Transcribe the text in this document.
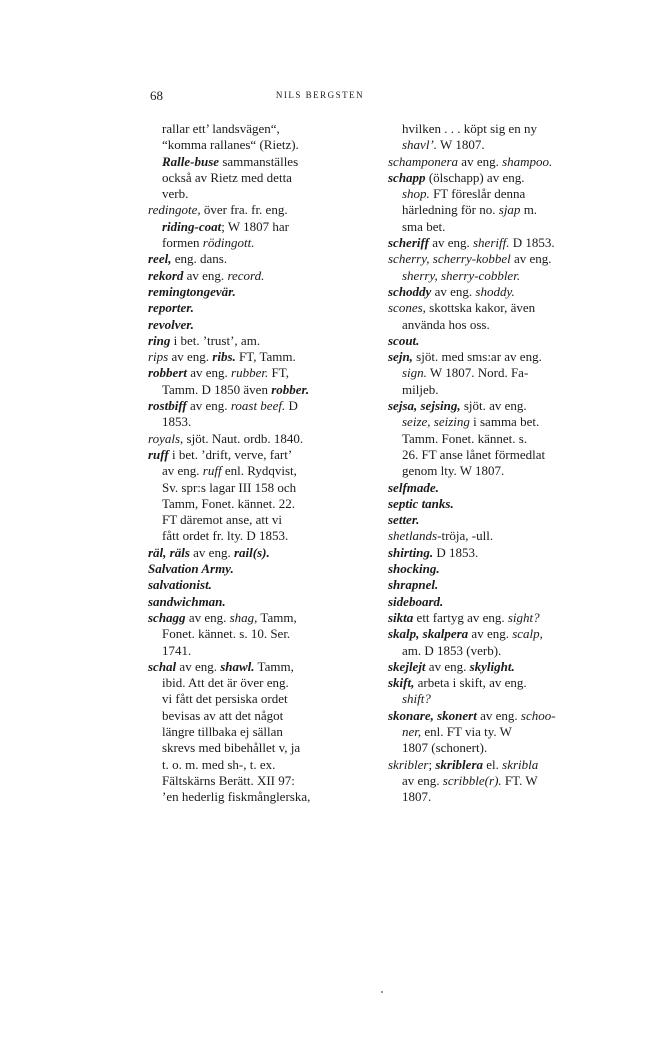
68	NILS BERGSTEN
rallar ett’ landsvägen“,
“komma rallanes“ (Rietz).
Ralle-buse sammanställes
också av Rietz med detta
verb.
redingote, över fra. fr. eng.
riding-coat; W 1807 har
formen rödingott.
reel, eng. dans.
rekord av eng. record.
remingtongevär.
reporter.
revolver.
ring i bet. ’trust’, am.
rips av eng. ribs. FT, Tamm.
robbert av eng. rubber. FT,
Tamm. D 1850 även robber.
rostbiff av eng. roast beef. D
1853.
royals, sjöt. Naut. ordb. 1840.
ruff i bet. ’drift, verve, fart’
av eng. ruff enl. Rydqvist,
Sv. spr:s lagar III 158 och
Tamm, Fonet. kännet. 22.
FT däremot anse, att vi
fått ordet fr. lty. D 1853.
räl, räls av eng. rail(s).
Salvation Army.
salvationist.
sandwichman.
schagg av eng. shag, Tamm,
Fonet. kännet. s. 10. Ser.
1741.
schal av eng. shawl. Tamm,
ibid. Att det är över eng.
vi fått det persiska ordet
bevisas av att det något
längre tillbaka ej sällan
skrevs med bibehållet v, ja
t. o. m. med sh-, t. ex.
Fältskärns Berätt. XII 97:
’en hederlig fiskmånglerska,
hvilken . . . köpt sig en ny
shavl’. W 1807.
schamponera av eng. shampoo.
schapp (ölschapp) av eng.
shop. FT föreslår denna
härledning för no. sjap m.
sma bet.
scheriff av eng. sheriff. D 1853.
scherry, scherry-kobbel av eng.
sherry, sherry-cobbler.
schoddy av eng. shoddy.
scones, skottska kakor, även
använda hos oss.
scout.
sejn, sjöt. med sms:ar av eng.
sign. W 1807. Nord. Fa-
miljeb.
sejsa, sejsing, sjöt. av eng.
seize, seizing i samma bet.
Tamm. Fonet. kännet. s.
26. FT anse lånet förmedlat
genom lty. W 1807.
selfmade.
septic tanks.
setter.
shetlands-tröja, -ull.
shirting. D 1853.
shocking.
shrapnel.
sideboard.
sikta ett fartyg av eng. sight?
skalp, skalpera av eng. scalp,
am. D 1853 (verb).
skejlejt av eng. skylight.
skift, arbeta i skift, av eng.
shift?
skonare, skonert av eng. schoo-
ner, enl. FT via ty. W
1807 (schonert).
skribler; skriblera el. skribla
av eng. scribble(r). FT. W
1807.
